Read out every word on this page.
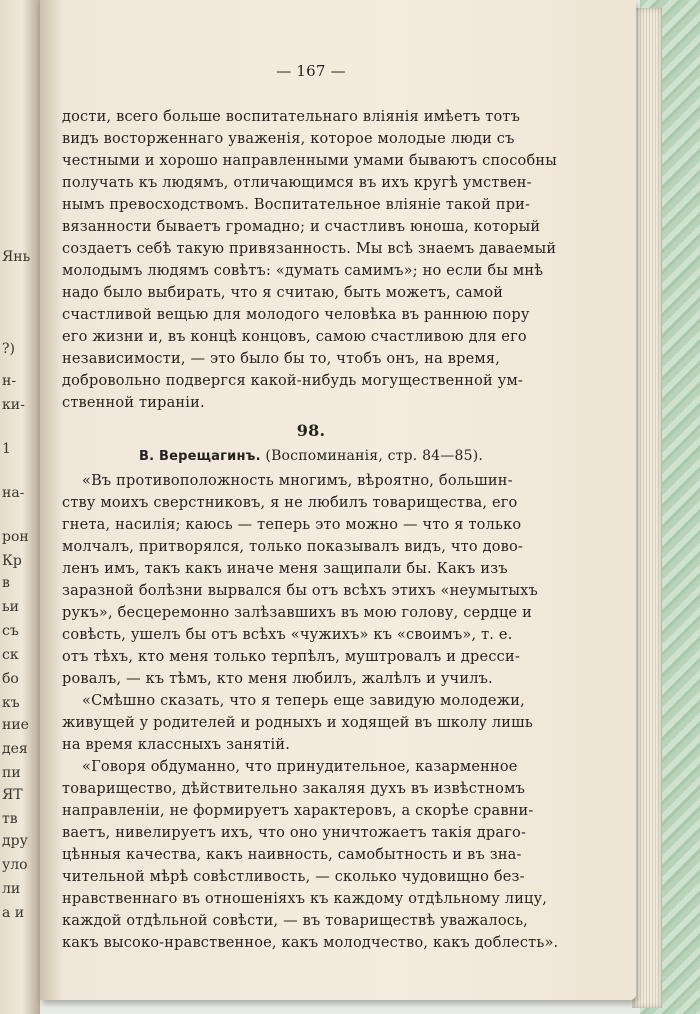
Янь
?)
н-
ки-
1
на-
рон
Кр
в
ьи
съ
ск
бо
къ
ние
дея
пи
ЯТ
тв
дру
уло
ли
а и
— 167 —
дости, всего больше воспитательнаго вліянія имѣетъ тотъ
видъ восторженнаго уваженія, которое молодые люди съ
честными и хорошо направленными умами бываютъ способны
получать къ людямъ, отличающимся въ ихъ кругѣ умствен-
нымъ превосходствомъ. Воспитательное вліяніе такой при-
вязанности бываетъ громадно; и счастливъ юноша, который
создаетъ себѣ такую привязанность. Мы всѣ знаемъ даваемый
молодымъ людямъ совѣтъ: «думать самимъ»; но если бы мнѣ
надо было выбирать, что я считаю, быть можетъ, самой
счастливой вещью для молодого человѣка въ раннюю пору
его жизни и, въ концѣ концовъ, самою счастливою для его
независимости, — это было бы то, чтобъ онъ, на время,
добровольно подвергся какой-нибудь могущественной ум-
ственной тираніи.
98.
В. Верещагинъ. (Воспоминанія, стр. 84—85).
«Въ противоположность многимъ, вѣроятно, большин-
ству моихъ сверстниковъ, я не любилъ товарищества, его
гнета, насилія; каюсь — теперь это можно — что я только
молчалъ, притворялся, только показывалъ видъ, что дово-
ленъ имъ, такъ какъ иначе меня защипали бы. Какъ изъ
заразной болѣзни вырвался бы отъ всѣхъ этихъ «неумытыхъ
рукъ», бесцеремонно залѣзавшихъ въ мою голову, сердце и
совѣсть, ушелъ бы отъ всѣхъ «чужихъ» къ «своимъ», т. е.
отъ тѣхъ, кто меня только терпѣлъ, муштровалъ и дресси-
ровалъ, — къ тѣмъ, кто меня любилъ, жалѣлъ и училъ.
«Смѣшно сказать, что я теперь еще завидую молодежи,
живущей у родителей и родныхъ и ходящей въ школу лишь
на время классныхъ занятій.
«Говоря обдуманно, что принудительное, казарменное
товарищество, дѣйствительно закаляя духъ въ извѣстномъ
направленіи, не формируетъ характеровъ, а скорѣе сравни-
ваетъ, нивелируетъ ихъ, что оно уничтожаетъ такія драго-
цѣнныя качества, какъ наивность, самобытность и въ зна-
чительной мѣрѣ совѣстливость, — сколько чудовищно без-
нравственнаго въ отношеніяхъ къ каждому отдѣльному лицу,
каждой отдѣльной совѣсти, — въ товариществѣ уважалось,
какъ высоко-нравственное, какъ молодчество, какъ доблесть».
